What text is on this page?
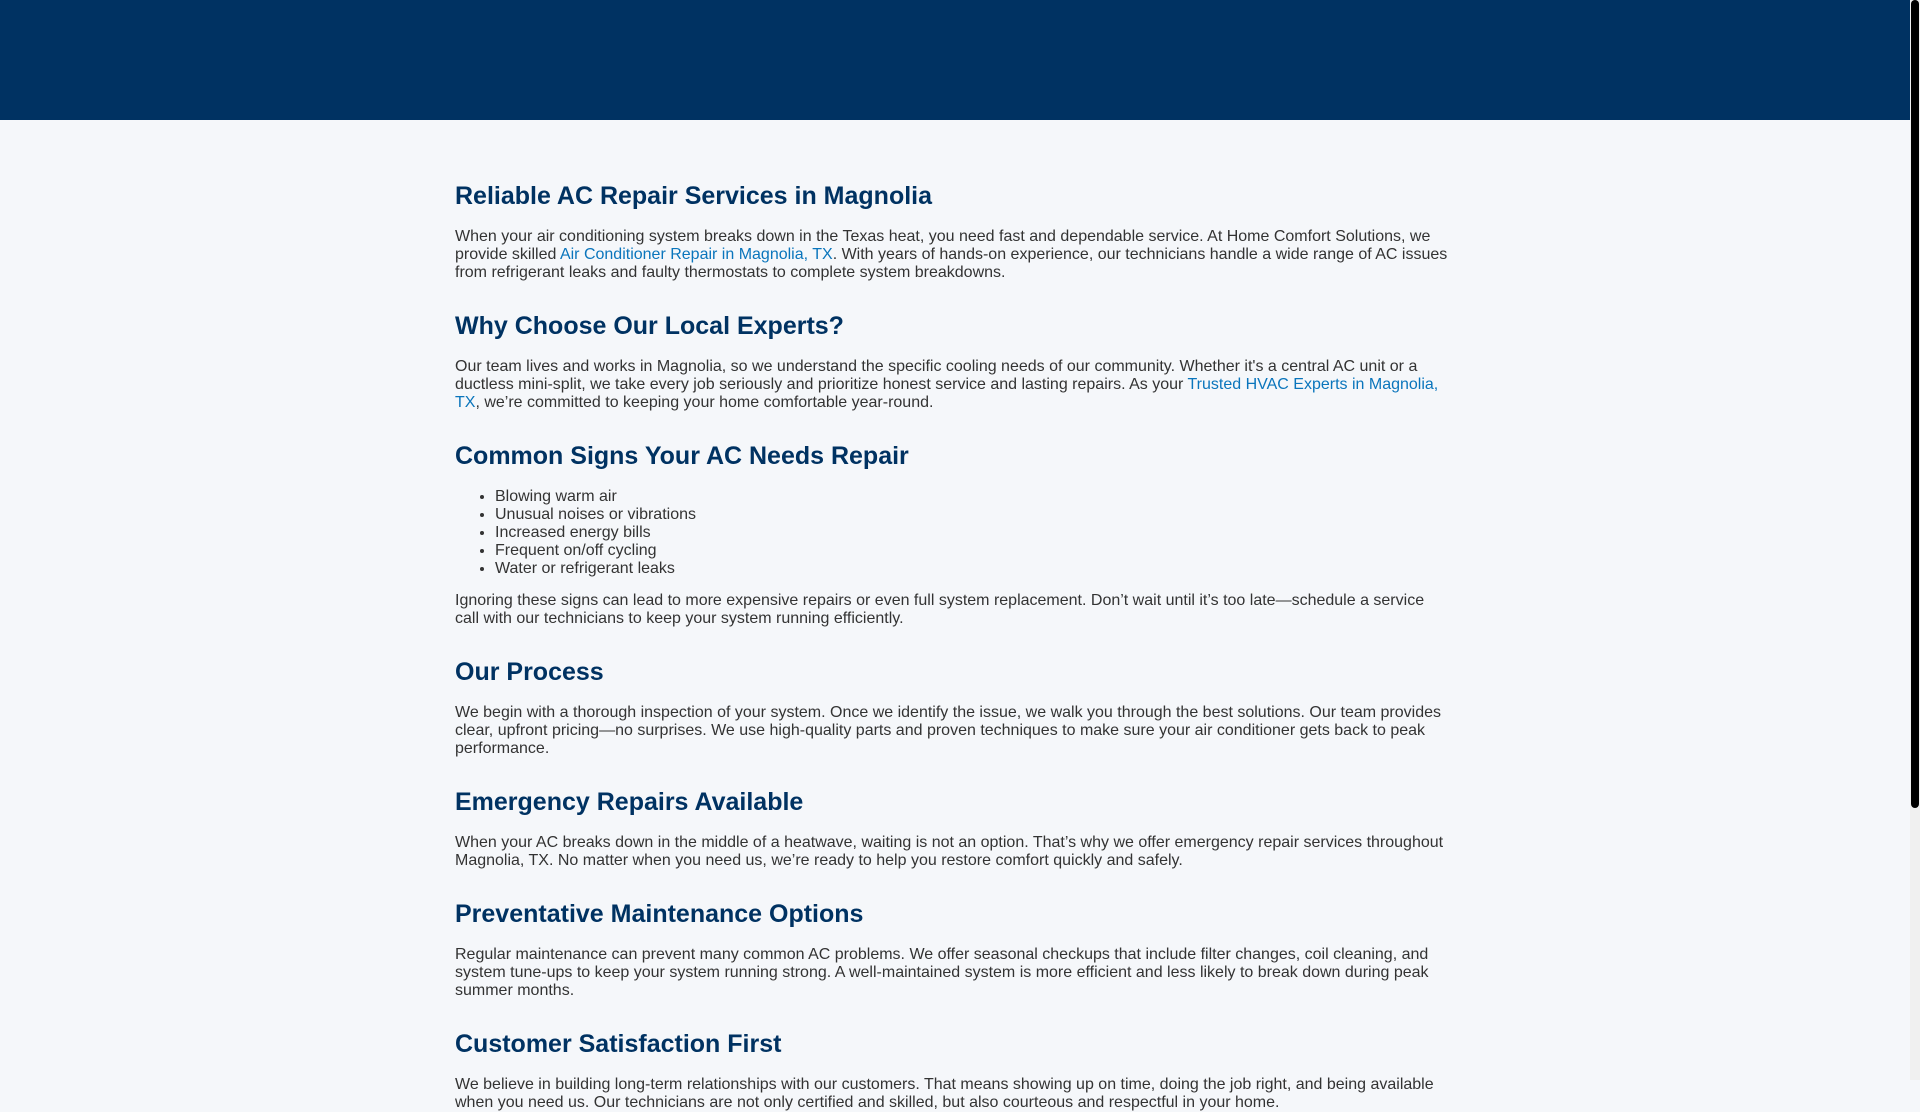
Reliable AC Repair Services in Magnolia

When your air conditioning system breaks down in the Texas heat, you need fast and dependable service. At Home Comfort Solutions, we provide skilled Air Conditioner Repair in Magnolia, TX. With years of hands-on experience, our technicians handle a wide range of AC issues from refrigerant leaks and faulty thermostats to complete system breakdowns.

Why Choose Our Local Experts?

Our team lives and works in Magnolia, so we understand the specific cooling needs of our community. Whether it's a central AC unit or a ductless mini-split, we take every job seriously and prioritize honest service and lasting repairs. As your Trusted HVAC Experts in Magnolia, TX, we’re committed to keeping your home comfortable year-round.

Common Signs Your AC Needs Repair
• Blowing warm air
• Unusual noises or vibrations
• Increased energy bills
• Frequent on/off cycling
• Water or refrigerant leaks

Ignoring these signs can lead to more expensive repairs or even full system replacement. Don’t wait until it’s too late—schedule a service call with our technicians to keep your system running efficiently.

Our Process

We begin with a thorough inspection of your system. Once we identify the issue, we walk you through the best solutions. Our team provides clear, upfront pricing—no surprises. We use high-quality parts and proven techniques to make sure your air conditioner gets back to peak performance.

Emergency Repairs Available

When your AC breaks down in the middle of a heatwave, waiting is not an option. That’s why we offer emergency repair services throughout Magnolia, TX. No matter when you need us, we’re ready to help you restore comfort quickly and safely.

Preventative Maintenance Options

Regular maintenance can prevent many common AC problems. We offer seasonal checkups that include filter changes, coil cleaning, and system tune-ups to keep your system running strong. A well-maintained system is more efficient and less likely to break down during peak summer months.

Customer Satisfaction First

We believe in building long-term relationships with our customers. That means showing up on time, doing the job right, and being available when you need us. Our technicians are not only certified and skilled, but also courteous and respectful in your home.
